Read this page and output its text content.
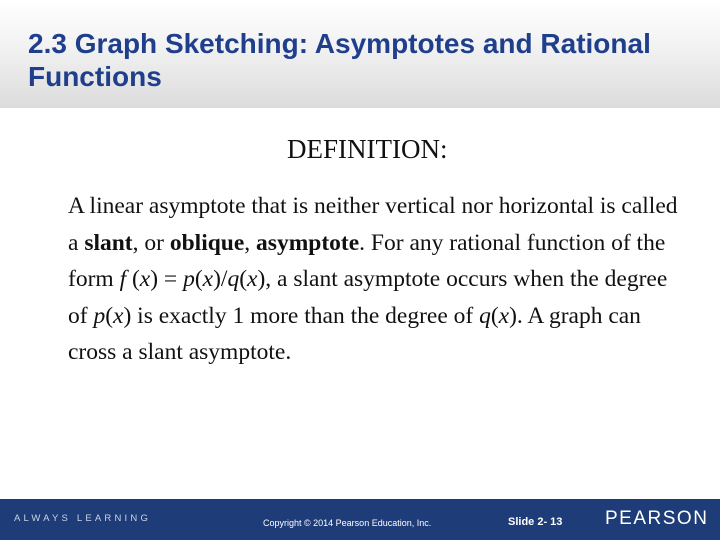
2.3 Graph Sketching: Asymptotes and Rational Functions
DEFINITION:

A linear asymptote that is neither vertical nor horizontal is called a slant, or oblique, asymptote. For any rational function of the form f (x) = p(x)/q(x), a slant asymptote occurs when the degree of p(x) is exactly 1 more than the degree of q(x). A graph can cross a slant asymptote.

ALWAYS LEARNING	Copyright © 2014 Pearson Education, Inc.	Slide 2- 13 PEARSON
